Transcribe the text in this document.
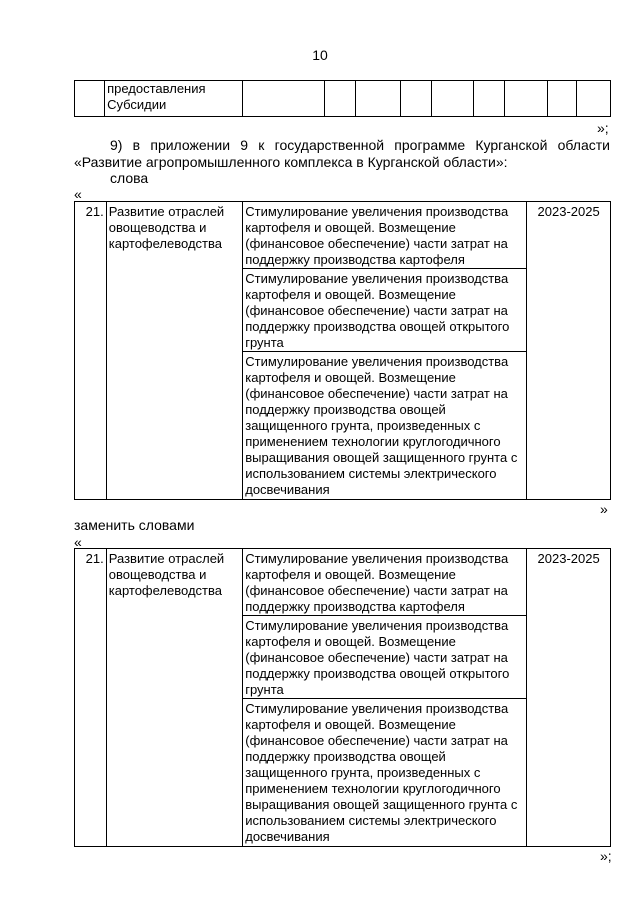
10
	предоставления Субсидии									
»;
9) в приложении 9 к государственной программе Курганской области
«Развитие агропромышленного комплекса в Курганской области»:
слова
«
21.	Развитие отраслей овощеводства и картофелеводства	Стимулирование увеличения производства картофеля и овощей. Возмещение (финансовое обеспечение) части затрат на поддержку производства картофеля	2023-2025
Стимулирование увеличения производства картофеля и овощей. Возмещение (финансовое обеспечение) части затрат на поддержку производства овощей открытого грунта
Стимулирование увеличения производства картофеля и овощей. Возмещение (финансовое обеспечение) части затрат на поддержку производства овощей защищенного грунта, произведенных с применением технологии круглогодичного выращивания овощей защищенного грунта с использованием системы электрического досвечивания
»
заменить словами
«
21.	Развитие отраслей овощеводства и картофелеводства	Стимулирование увеличения производства картофеля и овощей. Возмещение (финансовое обеспечение) части затрат на поддержку производства картофеля	2023-2025
Стимулирование увеличения производства картофеля и овощей. Возмещение (финансовое обеспечение) части затрат на поддержку производства овощей открытого грунта
Стимулирование увеличения производства картофеля и овощей. Возмещение (финансовое обеспечение) части затрат на поддержку производства овощей защищенного грунта, произведенных с применением технологии круглогодичного выращивания овощей защищенного грунта с использованием системы электрического досвечивания
»;
